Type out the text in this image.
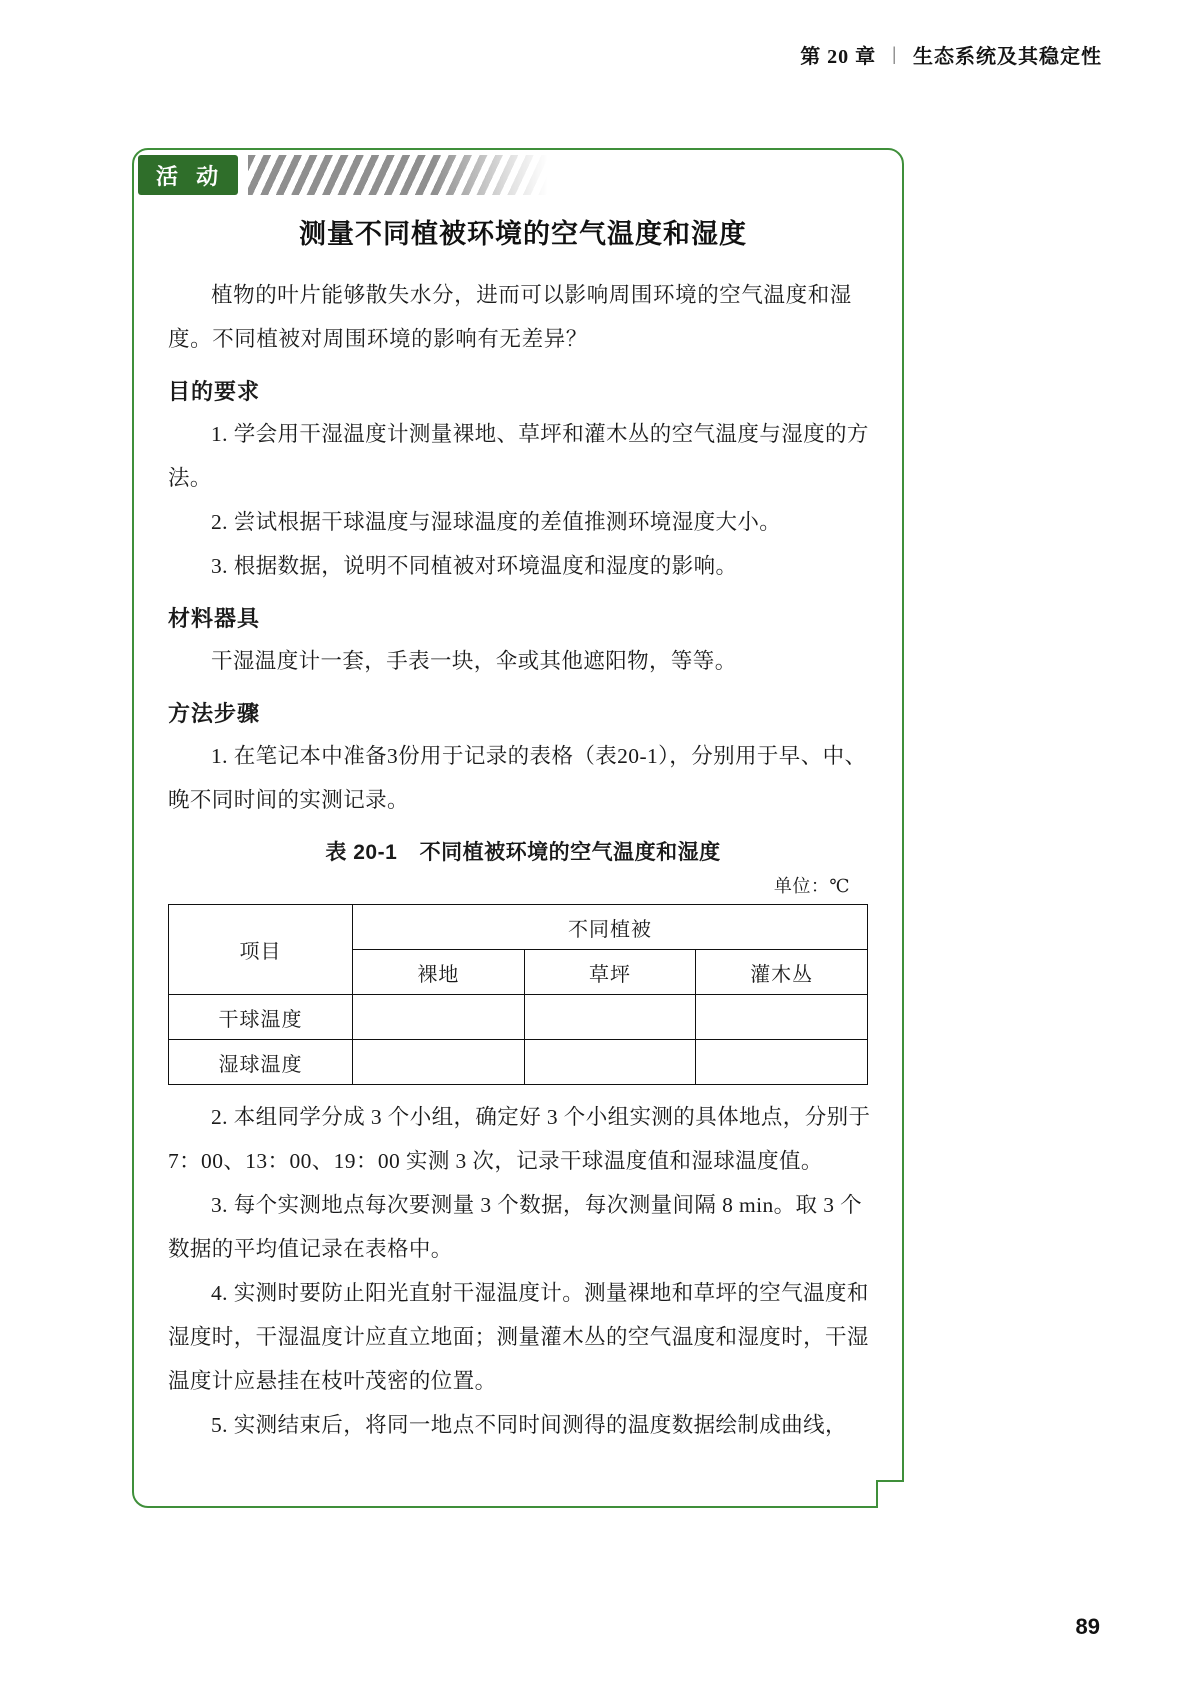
第 20 章 | 生态系统及其稳定性
活 动
测量不同植被环境的空气温度和湿度

植物的叶片能够散失水分，进而可以影响周围环境的空气温度和湿度。不同植被对周围环境的影响有无差异？

目的要求

1. 学会用干湿温度计测量裸地、草坪和灌木丛的空气温度与湿度的方法。

2. 尝试根据干球温度与湿球温度的差值推测环境湿度大小。

3. 根据数据，说明不同植被对环境温度和湿度的影响。

材料器具

干湿温度计一套，手表一块，伞或其他遮阳物，等等。

方法步骤

1. 在笔记本中准备3份用于记录的表格（表20-1），分别用于早、中、晚不同时间的实测记录。

表 20-1 不同植被环境的空气温度和湿度
单位：℃
项目	不同植被		
	裸地	草坪	灌木丛
干球温度			
湿球温度			

2. 本组同学分成 3 个小组，确定好 3 个小组实测的具体地点，分别于 7：00、13：00、19：00 实测 3 次，记录干球温度值和湿球温度值。

3. 每个实测地点每次要测量 3 个数据，每次测量间隔 8 min。取 3 个数据的平均值记录在表格中。

4. 实测时要防止阳光直射干湿温度计。测量裸地和草坪的空气温度和湿度时，干湿温度计应直立地面；测量灌木丛的空气温度和湿度时，干湿温度计应悬挂在枝叶茂密的位置。

5. 实测结束后，将同一地点不同时间测得的温度数据绘制成曲线，

89
